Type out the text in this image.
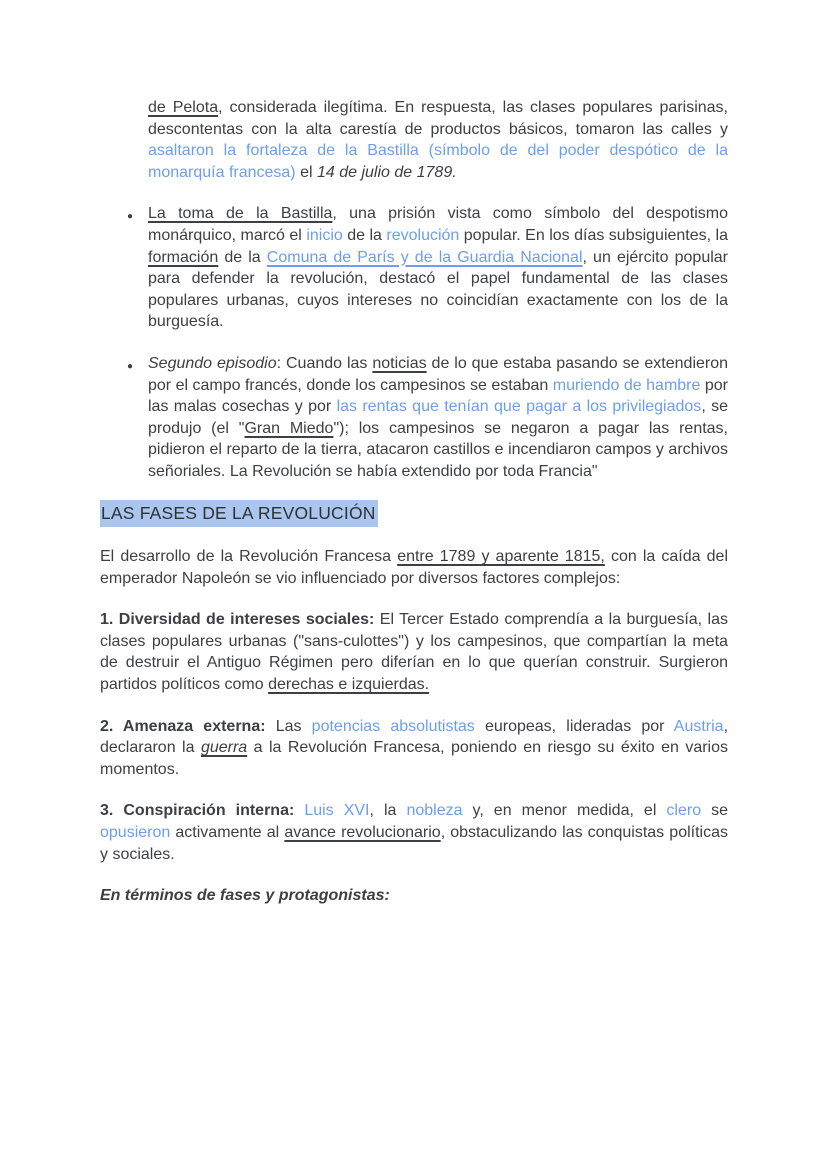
de Pelota, considerada ilegítima. En respuesta, las clases populares parisinas, descontentas con la alta carestía de productos básicos, tomaron las calles y asaltaron la fortaleza de la Bastilla (símbolo de del poder despótico de la monarquía francesa) el 14 de julio de 1789.

● La toma de la Bastilla, una prisión vista como símbolo del despotismo monárquico, marcó el inicio de la revolución popular. En los días subsiguientes, la formación de la Comuna de París y de la Guardia Nacional, un ejército popular para defender la revolución, destacó el papel fundamental de las clases populares urbanas, cuyos intereses no coincidían exactamente con los de la burguesía.
● Segundo episodio: Cuando las noticias de lo que estaba pasando se extendieron por el campo francés, donde los campesinos se estaban muriendo de hambre por las malas cosechas y por las rentas que tenían que pagar a los privilegiados, se produjo (el "Gran Miedo"); los campesinos se negaron a pagar las rentas, pidieron el reparto de la tierra, atacaron castillos e incendiaron campos y archivos señoriales. La Revolución se había extendido por toda Francia"

LAS FASES DE LA REVOLUCIÓN

El desarrollo de la Revolución Francesa entre 1789 y aparente 1815, con la caída del emperador Napoleón se vio influenciado por diversos factores complejos:

1. Diversidad de intereses sociales: El Tercer Estado comprendía a la burguesía, las clases populares urbanas ("sans-culottes") y los campesinos, que compartían la meta de destruir el Antiguo Régimen pero diferían en lo que querían construir. Surgieron partidos políticos como derechas e izquierdas.

2. Amenaza externa: Las potencias absolutistas europeas, lideradas por Austria, declararon la guerra a la Revolución Francesa, poniendo en riesgo su éxito en varios momentos.

3. Conspiración interna: Luis XVI, la nobleza y, en menor medida, el clero se opusieron activamente al avance revolucionario, obstaculizando las conquistas políticas y sociales.

En términos de fases y protagonistas:
